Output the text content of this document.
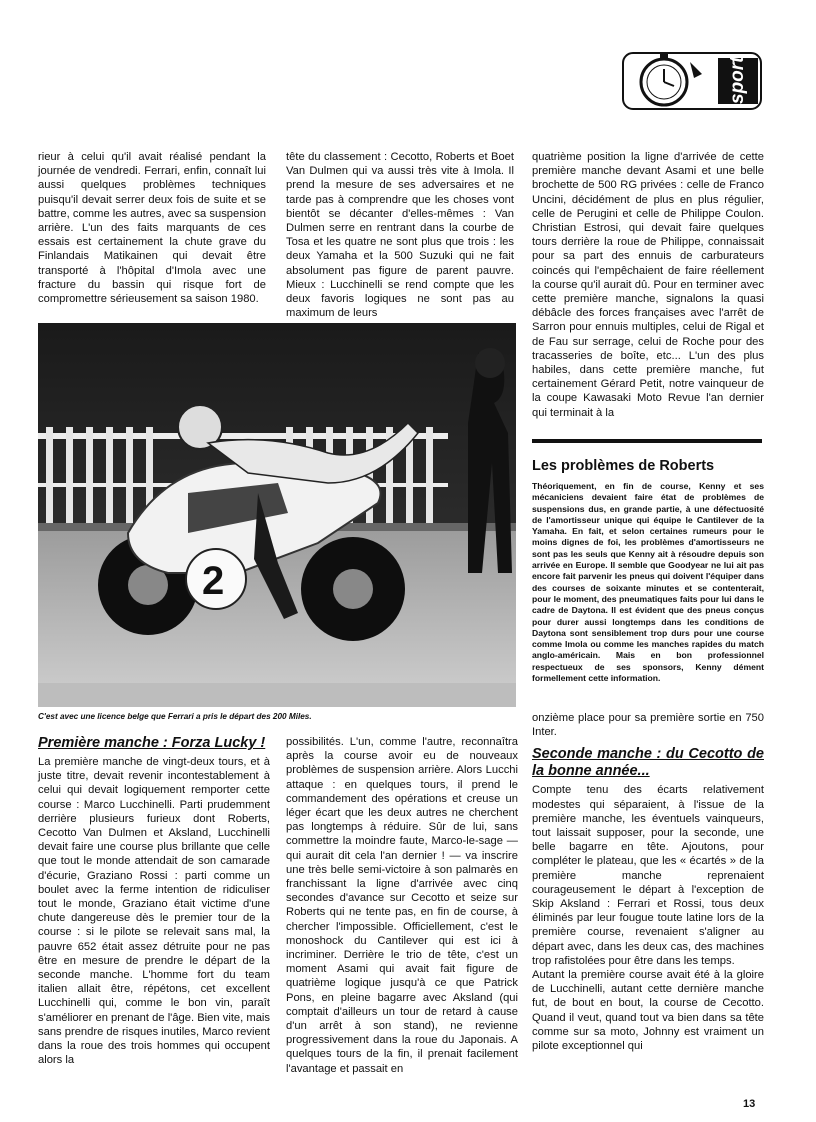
sport

rieur à celui qu'il avait réalisé pendant la journée de vendredi. Ferrari, enfin, connaît lui aussi quelques problèmes techniques puisqu'il devait serrer deux fois de suite et se battre, comme les autres, avec sa suspension arrière. L'un des faits marquants de ces essais est certainement la chute grave du Finlandais Matikainen qui devait être transporté à l'hôpital d'Imola avec une fracture du bassin qui risque fort de compromettre sérieusement sa saison 1980.

tête du classement : Cecotto, Roberts et Boet Van Dulmen qui va aussi très vite à Imola. Il prend la mesure de ses adversaires et ne tarde pas à comprendre que les choses vont bientôt se décanter d'elles-mêmes : Van Dulmen serre en rentrant dans la courbe de Tosa et les quatre ne sont plus que trois : les deux Yamaha et la 500 Suzuki qui ne fait absolument pas figure de parent pauvre. Mieux : Lucchinelli se rend compte que les deux favoris logiques ne sont pas au maximum de leurs

quatrième position la ligne d'arrivée de cette première manche devant Asami et une belle brochette de 500 RG privées : celle de Franco Uncini, décidément de plus en plus régulier, celle de Perugini et celle de Philippe Coulon. Christian Estrosi, qui devait faire quelques tours derrière la roue de Philippe, connaissait pour sa part des ennuis de carburateurs coincés qui l'empêchaient de faire réellement la course qu'il aurait dû. Pour en terminer avec cette première manche, signalons la quasi débâcle des forces françaises avec l'arrêt de Sarron pour ennuis multiples, celui de Rigal et de Fau sur serrage, celui de Roche pour des tracasseries de boîte, etc... L'un des plus habiles, dans cette première manche, fut certainement Gérard Petit, notre vainqueur de la coupe Kawasaki Moto Revue l'an dernier qui terminait à la

Les problèmes de Roberts
Théoriquement, en fin de course, Kenny et ses mécaniciens devaient faire état de problèmes de suspensions dus, en grande partie, à une défectuosité de l'amortisseur unique qui équipe le Cantilever de la Yamaha. En fait, et selon certaines rumeurs pour le moins dignes de foi, les problèmes d'amortisseurs ne sont pas les seuls que Kenny ait à résoudre depuis son arrivée en Europe. Il semble que Goodyear ne lui ait pas encore fait parvenir les pneus qui doivent l'équiper dans des courses de soixante minutes et se contenterait, pour le moment, des pneumatiques faits pour lui dans le cadre de Daytona. Il est évident que des pneus conçus pour durer aussi longtemps dans les conditions de Daytona sont sensiblement trop durs pour une course comme Imola ou comme les manches rapides du match anglo-américain. Mais en bon professionnel respectueux de ses sponsors, Kenny dément formellement cette information.
2
C'est avec une licence belge que Ferrari a pris le départ des 200 Miles.
Première manche : Forza Lucky !

La première manche de vingt-deux tours, et à juste titre, devait revenir incontestablement à celui qui devait logiquement remporter cette course : Marco Lucchinelli. Parti prudemment derrière plusieurs furieux dont Roberts, Cecotto Van Dulmen et Aksland, Lucchinelli devait faire une course plus brillante que celle que tout le monde attendait de son camarade d'écurie, Graziano Rossi : parti comme un boulet avec la ferme intention de ridiculiser tout le monde, Graziano était victime d'une chute dangereuse dès le premier tour de la course : si le pilote se relevait sans mal, la pauvre 652 était assez détruite pour ne pas être en mesure de prendre le départ de la seconde manche. L'homme fort du team italien allait être, répétons, cet excellent Lucchinelli qui, comme le bon vin, paraît s'améliorer en prenant de l'âge. Bien vite, mais sans prendre de risques inutiles, Marco revient dans la roue des trois hommes qui occupent alors la

possibilités. L'un, comme l'autre, reconnaîtra après la course avoir eu de nouveaux problèmes de suspension arrière. Alors Lucchi attaque : en quelques tours, il prend le commandement des opérations et creuse un léger écart que les deux autres ne cherchent pas longtemps à réduire. Sûr de lui, sans commettre la moindre faute, Marco-le-sage — qui aurait dit cela l'an dernier ! — va inscrire une très belle semi-victoire à son palmarès en franchissant la ligne d'arrivée avec cinq secondes d'avance sur Cecotto et seize sur Roberts qui ne tente pas, en fin de course, à chercher l'impossible. Officiellement, c'est le monoshock du Cantilever qui est ici à incriminer. Derrière le trio de tête, c'est un moment Asami qui avait fait figure de quatrième logique jusqu'à ce que Patrick Pons, en pleine bagarre avec Aksland (qui comptait d'ailleurs un tour de retard à cause d'un arrêt à son stand), ne revienne progressivement dans la roue du Japonais. A quelques tours de la fin, il prenait facilement l'avantage et passait en

onzième place pour sa première sortie en 750 Inter.

Seconde manche : du Cecotto de la bonne année...

Compte tenu des écarts relativement modestes qui séparaient, à l'issue de la première manche, les éventuels vainqueurs, tout laissait supposer, pour la seconde, une belle bagarre en tête. Ajoutons, pour compléter le plateau, que les « écartés » de la première manche reprenaient courageusement le départ à l'exception de Skip Aksland : Ferrari et Rossi, tous deux éliminés par leur fougue toute latine lors de la première course, revenaient s'aligner au départ avec, dans les deux cas, des machines trop rafistolées pour être dans les temps.

Autant la première course avait été à la gloire de Lucchinelli, autant cette dernière manche fut, de bout en bout, la course de Cecotto. Quand il veut, quand tout va bien dans sa tête comme sur sa moto, Johnny est vraiment un pilote exceptionnel qui

13
